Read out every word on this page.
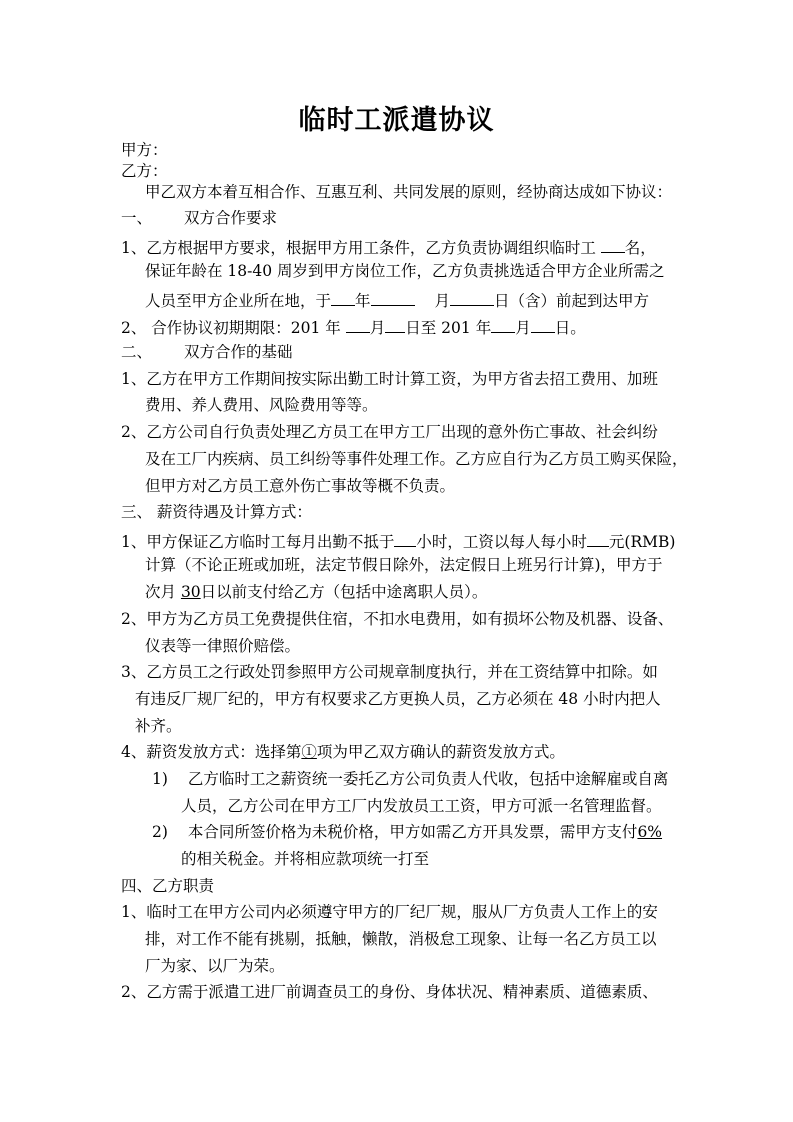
临时工派遣协议

甲方：

乙方：

甲乙双方本着互相合作、互惠互利、共同发展的原则，经协商达成如下协议：

一、 双方合作要求

1、乙方根据甲方要求，根据甲方用工条件，乙方负责协调组织临时工 名，

保证年龄在 18-40 周岁到甲方岗位工作，乙方负责挑选适合甲方企业所需之

人员至甲方企业所在地，于 年	月	日（含）前起到达甲方

2、 合作协议初期期限：201 年 月 日至 201 年 月 日。

二、 双方合作的基础

1、乙方在甲方工作期间按实际出勤工时计算工资，为甲方省去招工费用、加班

费用、养人费用、风险费用等等。

2、乙方公司自行负责处理乙方员工在甲方工厂出现的意外伤亡事故、社会纠纷

及在工厂内疾病、员工纠纷等事件处理工作。乙方应自行为乙方员工购买保险，

但甲方对乙方员工意外伤亡事故等概不负责。

三、 薪资待遇及计算方式：

1、甲方保证乙方临时工每月出勤不抵于 小时，工资以每人每小时 元(RMB)

计算（不论正班或加班，法定节假日除外，法定假日上班另行计算)，甲方于

次月 30日以前支付给乙方（包括中途离职人员）。

2、甲方为乙方员工免费提供住宿，不扣水电费用，如有损坏公物及机器、设备、

仪表等一律照价赔偿。

3、乙方员工之行政处罚参照甲方公司规章制度执行，并在工资结算中扣除。如

有违反厂规厂纪的，甲方有权要求乙方更换人员，乙方必须在 48 小时内把人

补齐。

4、薪资发放方式：选择第①项为甲乙双方确认的薪资发放方式。

1) 乙方临时工之薪资统一委托乙方公司负责人代收，包括中途解雇或自离

人员，乙方公司在甲方工厂内发放员工工资，甲方可派一名管理监督。

2) 本合同所签价格为未税价格，甲方如需乙方开具发票，需甲方支付6%

的相关税金。并将相应款项统一打至

四、乙方职责

1、临时工在甲方公司内必须遵守甲方的厂纪厂规，服从厂方负责人工作上的安

排，对工作不能有挑剔，抵触，懒散，消极怠工现象、让每一名乙方员工以

厂为家、以厂为荣。

2、乙方需于派遣工进厂前调查员工的身份、身体状况、精神素质、道德素质、
